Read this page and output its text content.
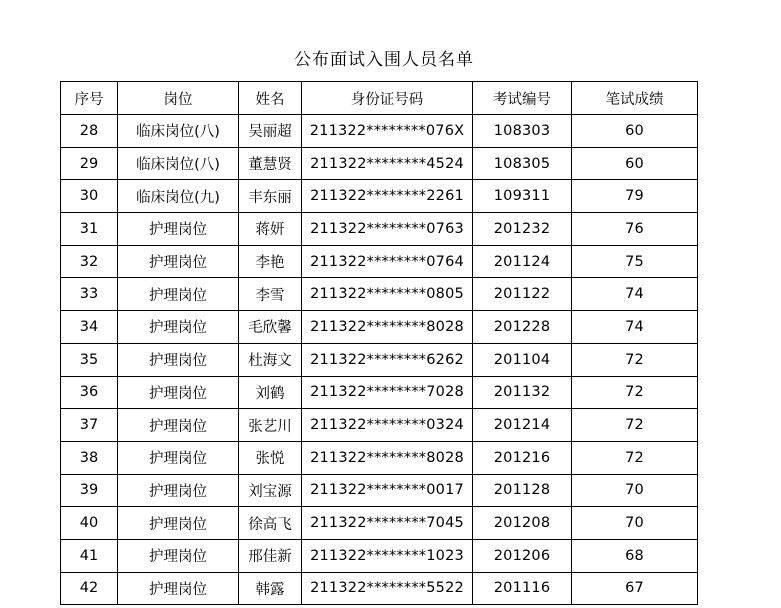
公布面试入围人员名单
序号	岗位	姓名	身份证号码	考试编号	笔试成绩
28	临床岗位(八)	吴丽超	211322********076X	108303	60
29	临床岗位(八)	董慧贤	211322********4524	108305	60
30	临床岗位(九)	丰东丽	211322********2261	109311	79
31	护理岗位	蒋妍	211322********0763	201232	76
32	护理岗位	李艳	211322********0764	201124	75
33	护理岗位	李雪	211322********0805	201122	74
34	护理岗位	毛欣馨	211322********8028	201228	74
35	护理岗位	杜海文	211322********6262	201104	72
36	护理岗位	刘鹤	211322********7028	201132	72
37	护理岗位	张艺川	211322********0324	201214	72
38	护理岗位	张悦	211322********8028	201216	72
39	护理岗位	刘宝源	211322********0017	201128	70
40	护理岗位	徐高飞	211322********7045	201208	70
41	护理岗位	邢佳新	211322********1023	201206	68
42	护理岗位	韩露	211322********5522	201116	67
